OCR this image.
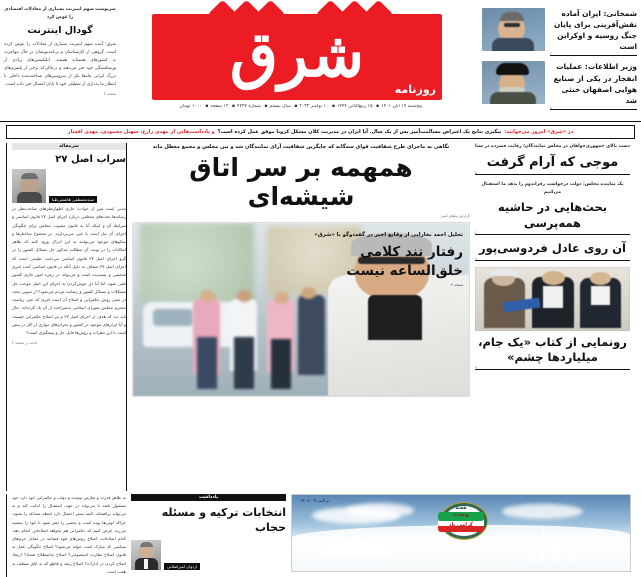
سرنوشت سهم اینترنت بسیاری از معادلات اقتصادی را عوض کرد
گودال اینترنت
شرق: آینده سهم اینترنت بسیاری از معادلات را عوض کرده است. گروهی از کارشناسان و برنامه‌نویسان در حال مهاجرت به کشورهای همسایه هستند. اپلیکیشن‌های زیادی از ورشکستگی خود خبر می‌دهند و درحالی‌که برخی از پلتفرم‌های بزرگ ایرانی ماه‌ها بکر از سرویس‌های شناخته‌شده داخلی با انتظار بنا به‌داری از تعطیلی خود تا پایان امسال خبر داده است.
صفحه ۴
شرق	روزنامه
پنج‌شنبه ۱۹ آبان ۱۴۰۱▪ ۱۵ ربیع‌الثانی ۱۴۴۴▪ ۱۰ نوامبر ۲۰۲۲▪ سال بیستم▪ شماره ۴۴۲۷▪ ۱۲ صفحه▪ ۱۰۰۰ تومان
شمخانی: ایران آماده نقش‌آفرینی برای پایان جنگ روسیه و اوکراین است
۲
وزیر اطلاعات: عملیات انفجار در یکی از صنایع هوایی اصفهان خنثی شد
۵
در «شرق» امروز می‌خوانید:
پیگیری نتایج یک اعتراض مسالمت‌آمیز پس از یک سال. آیا ایران در مدیریت کلان مشکل کرونا موفق عمل کرده است؟
و یادداشت‌هایی از مهدی زارع، سهیل محمودی، مهدی افشار
سرمقاله
سراب اصل ۲۷
سیدمصطفی هاشمی‌طبا
مدتی است پس از حوادث جاری اظهارنظرهای صاحب‌نظر در رسانه‌ها بحث‌های مختلفی درباره اجرای اصل ۲۷ قانون اساسی و شرایط آن و اینکه آیا به قانون مصوب مجلس برای چگونگی اجرای آن نیاز است یا خیر، می‌پردازند. در مجموع ساختارها و سکوهای موجود می‌توانند به این ادراک ورود کنند که ظاهر امکانات را در نوبت آن مطالب مذکور حل مسائل کشور را در گرو اجرای اصل ۲۷ قانون اساسی می‌دانند. طبیعی است که اجرای اصل ۲۷ مضاف به دلیل آنکه در قانون اساسی آمده امری شخصی و پسندیده است و می‌تواند در زمره امور جاری کشور تلقی شود، اما آیا دل خوش‌کردن به اجرای این اصل موجب حل مشکلات و مسائل کشور و رضایت مردم می‌شود؟ از سویی بحث در تغییر روش حکمرانی و اصلاح آن است امری که حتی ریاست محترم مجلس شورای اسلامی به‌صراحت از آن یاد کرده‌اند. حال باید دید که هدف از اجرای اصل ۲۷ و نیز اصلاح حکمرانی چیست و آیا ابزارهای موجود در کشور و بحران‌های موازی از کار در پیش است با این نظرات و روش‌ها قابل حل و پیشگیری است؟
ادامه در صفحه ۴
نگاهی به ماجرای طرح شفافیت قوای سه‌گانه که جایگزین شفافیت آرای نمایندگان شد و بین مجلس و مجمع معطل ماند
همهمه بر سر اتاق شیشه‌ای
گزارش نیلوفر امین
تحلیل احمد بخارایی از وقایع اخیر در گفت‌وگو با «شرق»
رفتار تند کلامی
خلق‌الساعه نیست
صفحه ۳
دست بالای جمهوری‌خواهان در مجلس نمایندگان؛ رقابت فشرده در سنا
موجی که آرام گرفت
۵
یک نماینده مجلس: دولت درخواست رفراندوم را بدهد ما استقبال می‌کنیم
بحث‌هایی در حاشیه همه‌پرسی
۲
آن روی عادل فردوسی‌پور
۹
رونمایی از کتاب «یک جام، میلیاردها چشم»
۹
به ظاهر قدرت و تعارض پیچیده و دولت و حکمرانی خود دارد خود مشغول باشد تا می‌تواند در جهت استقبال را اجابت کند و به می‌نواند برافشاند. البته بستر احتمال دارد لحظه مساعد را نشود، چراکه لوئی‌ها بوده است و بخشی را نشر شود با خود را بنشیند می‌رند. فرض کنیم که حکمرانی هم بخواهد اصلاحاتی انجام دهد. کدام اصلاحات. اصلاح روش‌های قوه فضائیه در مقابل جرم‌های سیاسی که مبارک است جوانه می‌شود؟ اصلاح چگونگی عمل به قانون اصلاح نظارت استصوابی؟ اصلاح به‌اصطلاح فساد؟ ارشاد اصلاح کردن در ادارات؟ اصلاح رشد و قاطع که به اتاق معطف به همت است.
یادداشت
انتخابات ترکیه و مسئله حجاب
اردوان امیراصلانی
م الف ۱۴۰۸۰۰۹
هفته
وحدت
گرامی باد
